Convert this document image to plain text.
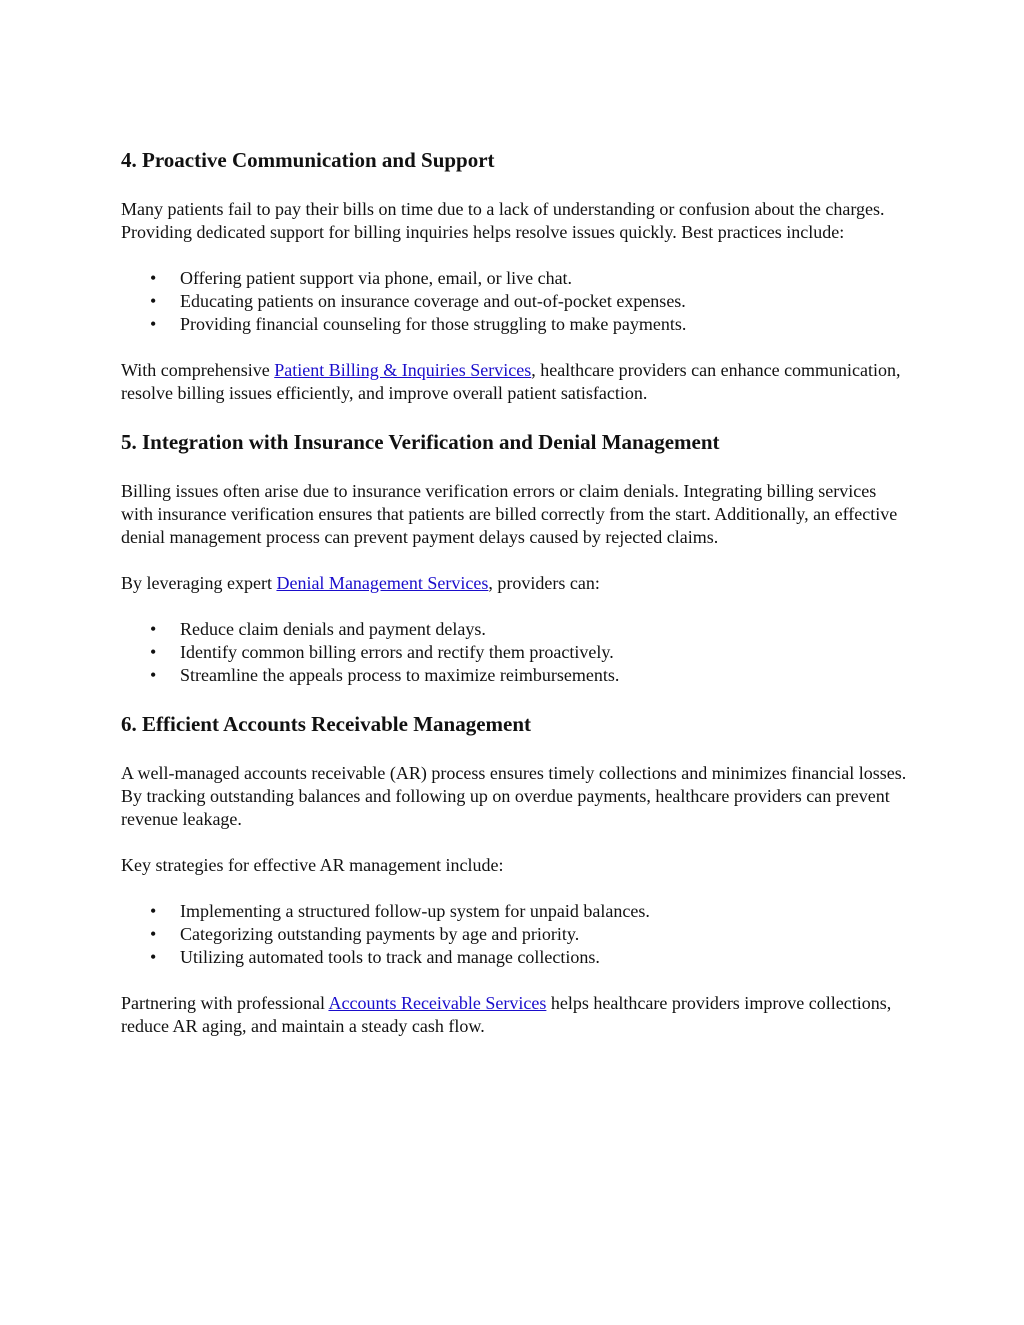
4. Proactive Communication and Support

Many patients fail to pay their bills on time due to a lack of understanding or confusion about the charges. Providing dedicated support for billing inquiries helps resolve issues quickly. Best practices include:

• Offering patient support via phone, email, or live chat.
• Educating patients on insurance coverage and out-of-pocket expenses.
• Providing financial counseling for those struggling to make payments.

With comprehensive Patient Billing & Inquiries Services, healthcare providers can enhance communication, resolve billing issues efficiently, and improve overall patient satisfaction.

5. Integration with Insurance Verification and Denial Management

Billing issues often arise due to insurance verification errors or claim denials. Integrating billing services with insurance verification ensures that patients are billed correctly from the start. Additionally, an effective denial management process can prevent payment delays caused by rejected claims.

By leveraging expert Denial Management Services, providers can:

• Reduce claim denials and payment delays.
• Identify common billing errors and rectify them proactively.
• Streamline the appeals process to maximize reimbursements.
6. Efficient Accounts Receivable Management

A well-managed accounts receivable (AR) process ensures timely collections and minimizes financial losses. By tracking outstanding balances and following up on overdue payments, healthcare providers can prevent revenue leakage.

Key strategies for effective AR management include:

• Implementing a structured follow-up system for unpaid balances.
• Categorizing outstanding payments by age and priority.
• Utilizing automated tools to track and manage collections.

Partnering with professional Accounts Receivable Services helps healthcare providers improve collections, reduce AR aging, and maintain a steady cash flow.
